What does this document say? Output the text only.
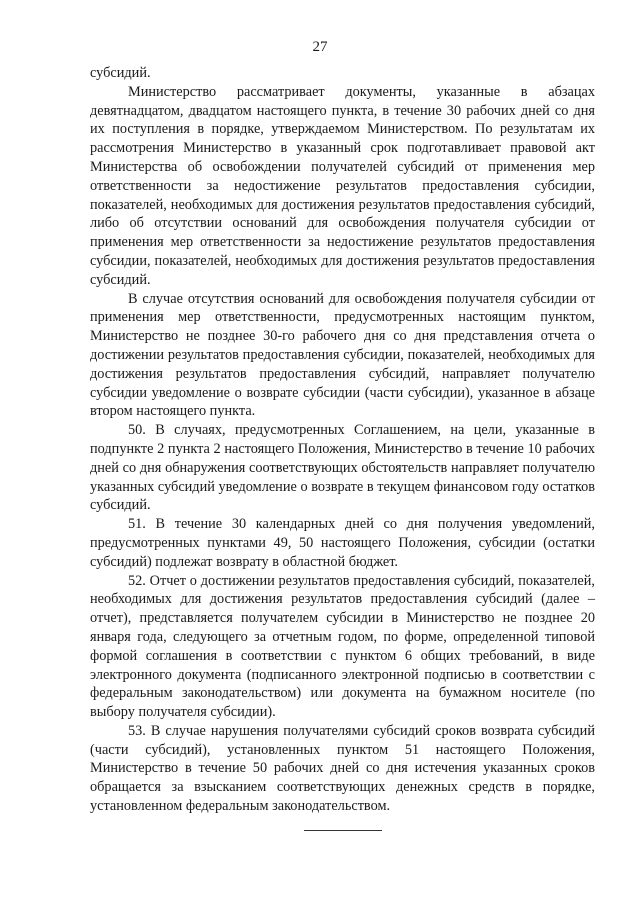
27

субсидий.

Министерство рассматривает документы, указанные в абзацах девятнадцатом, двадцатом настоящего пункта, в течение 30 рабочих дней со дня их поступления в порядке, утверждаемом Министерством. По результатам их рассмотрения Министерство в указанный срок подготавливает правовой акт Министерства об освобождении получателей субсидий от применения мер ответственности за недостижение результатов предоставления субсидии, показателей, необходимых для достижения результатов предоставления субсидий, либо об отсутствии оснований для освобождения получателя субсидии от применения мер ответственности за недостижение результатов предоставления субсидии, показателей, необходимых для достижения результатов предоставления субсидий.

В случае отсутствия оснований для освобождения получателя субсидии от применения мер ответственности, предусмотренных настоящим пунктом, Министерство не позднее 30-го рабочего дня со дня представления отчета о достижении результатов предоставления субсидии, показателей, необходимых для достижения результатов предоставления субсидий, направляет получателю субсидии уведомление о возврате субсидии (части субсидии), указанное в абзаце втором настоящего пункта.

50. В случаях, предусмотренных Соглашением, на цели, указанные в подпункте 2 пункта 2 настоящего Положения, Министерство в течение 10 рабочих дней со дня обнаружения соответствующих обстоятельств направляет получателю указанных субсидий уведомление о возврате в текущем финансовом году остатков субсидий.

51. В течение 30 календарных дней со дня получения уведомлений, предусмотренных пунктами 49, 50 настоящего Положения, субсидии (остатки субсидий) подлежат возврату в областной бюджет.

52. Отчет о достижении результатов предоставления субсидий, показателей, необходимых для достижения результатов предоставления субсидий (далее – отчет), представляется получателем субсидии в Министерство не позднее 20 января года, следующего за отчетным годом, по форме, определенной типовой формой соглашения в соответствии с пунктом 6 общих требований, в виде электронного документа (подписанного электронной подписью в соответствии с федеральным законодательством) или документа на бумажном носителе (по выбору получателя субсидии).

53. В случае нарушения получателями субсидий сроков возврата субсидий (части субсидий), установленных пунктом 51 настоящего Положения, Министерство в течение 50 рабочих дней со дня истечения указанных сроков обращается за взысканием соответствующих денежных средств в порядке, установленном федеральным законодательством.
